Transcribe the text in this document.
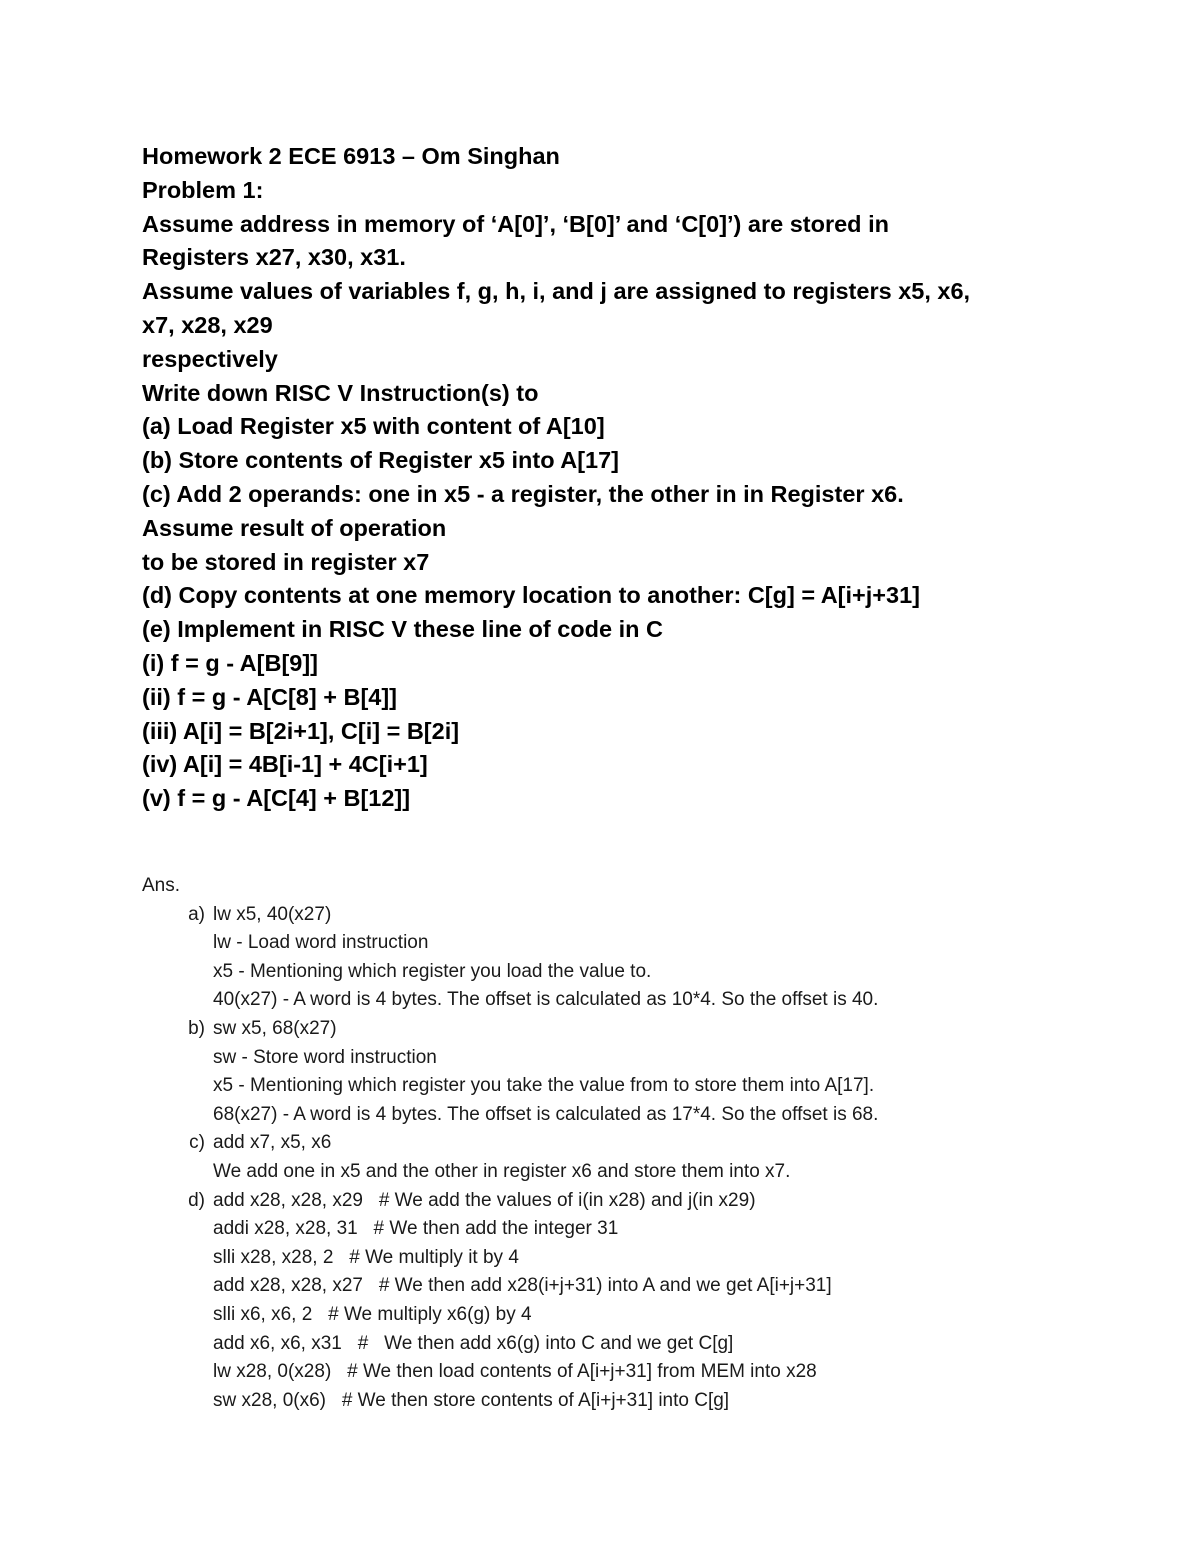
Homework 2 ECE 6913 – Om Singhan
Problem 1:
Assume address in memory of ‘A[0]’, ‘B[0]’ and ‘C[0]’) are stored in
Registers x27, x30, x31.
Assume values of variables f, g, h, i, and j are assigned to registers x5, x6,
x7, x28, x29
respectively
Write down RISC V Instruction(s) to
(a) Load Register x5 with content of A[10]
(b) Store contents of Register x5 into A[17]
(c) Add 2 operands: one in x5 - a register, the other in in Register x6.
Assume result of operation
to be stored in register x7
(d) Copy contents at one memory location to another: C[g] = A[i+j+31]
(e) Implement in RISC V these line of code in C
(i) f = g - A[B[9]]
(ii) f = g - A[C[8] + B[4]]
(iii) A[i] = B[2i+1], C[i] = B[2i]
(iv) A[i] = 4B[i-1] + 4C[i+1]
(v) f = g - A[C[4] + B[12]]
Ans.
a) lw x5, 40(x27)
lw - Load word instruction
x5 - Mentioning which register you load the value to.
40(x27) - A word is 4 bytes. The offset is calculated as 10*4. So the offset is 40.
b) sw x5, 68(x27)
sw - Store word instruction
x5 - Mentioning which register you take the value from to store them into A[17].
68(x27) - A word is 4 bytes. The offset is calculated as 17*4. So the offset is 68.
c) add x7, x5, x6
We add one in x5 and the other in register x6 and store them into x7.
d) add x28, x28, x29   # We add the values of i(in x28) and j(in x29)
addi x28, x28, 31   # We then add the integer 31
slli x28, x28, 2   # We multiply it by 4
add x28, x28, x27   # We then add x28(i+j+31) into A and we get A[i+j+31]
slli x6, x6, 2   # We multiply x6(g) by 4
add x6, x6, x31   #   We then add x6(g) into C and we get C[g]
lw x28, 0(x28)   # We then load contents of A[i+j+31] from MEM into x28
sw x28, 0(x6)   # We then store contents of A[i+j+31] into C[g]
